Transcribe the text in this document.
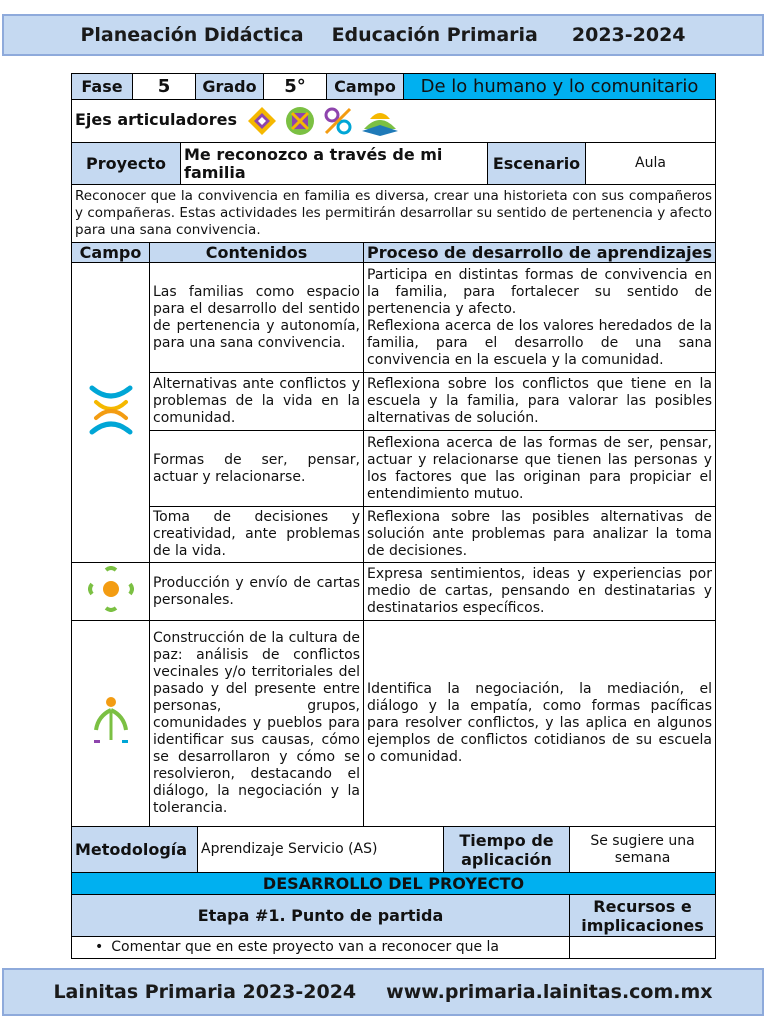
Planeación Didáctica Educación Primaria 2023-2024
Fase	5	Grado	5°	Campo	De lo humano y lo comunitario
Ejes articuladores
Proyecto	Me reconozco a través de mi familia	Escenario	Aula
Reconocer que la convivencia en familia es diversa, crear una historieta con sus compañeros y compañeras. Estas actividades les permitirán desarrollar su sentido de pertenencia y afecto para una sana convivencia.
Campo	Contenidos	Proceso de desarrollo de aprendizajes
	Las familias como espacio para el desarrollo del sentido de pertenencia y autonomía, para una sana convivencia.	Participa en distintas formas de convivencia en la familia, para fortalecer su sentido de pertenencia y afecto.
Reflexiona acerca de los valores heredados de la familia, para el desarrollo de una sana convivencia en la escuela y la comunidad.
	Alternativas ante conflictos y problemas de la vida en la comunidad.	Reflexiona sobre los conflictos que tiene en la escuela y la familia, para valorar las posibles alternativas de solución.
	Formas de ser, pensar, actuar y relacionarse.	Reflexiona acerca de las formas de ser, pensar, actuar y relacionarse que tienen las personas y los factores que las originan para propiciar el entendimiento mutuo.
	Toma de decisiones y creatividad, ante problemas de la vida.	Reflexiona sobre las posibles alternativas de solución ante problemas para analizar la toma de decisiones.
	Producción y envío de cartas personales.	Expresa sentimientos, ideas y experiencias por medio de cartas, pensando en destinatarias y destinatarios específicos.
	Construcción de la cultura de paz: análisis de conflictos vecinales y/o territoriales del pasado y del presente entre personas, grupos, comunidades y pueblos para identificar sus causas, cómo se desarrollaron y cómo se resolvieron, destacando el diálogo, la negociación y la tolerancia.	Identifica la negociación, la mediación, el diálogo y la empatía, como formas pacíficas para resolver conflictos, y las aplica en algunos ejemplos de conflictos cotidianos de su escuela o comunidad.
Metodología	Aprendizaje Servicio (AS)	Tiempo de aplicación	Se sugiere una semana
DESARROLLO DEL PROYECTO	
Etapa #1. Punto de partida	Recursos e implicaciones
• Comentar que en este proyecto van a reconocer que la	
Lainitas Primaria 2023-2024 www.primaria.lainitas.com.mx
